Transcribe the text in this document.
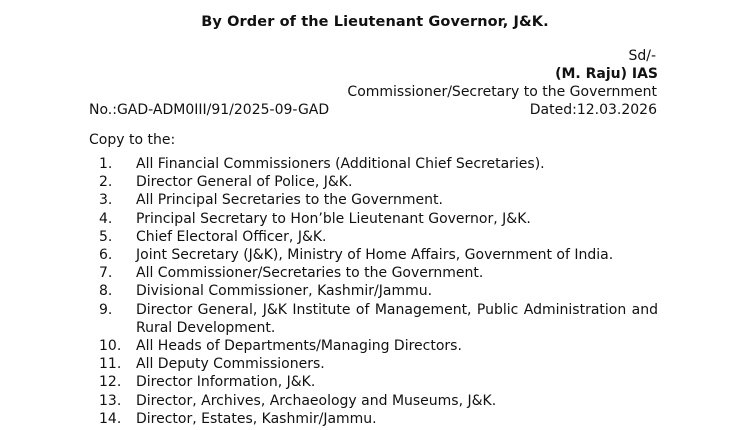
By Order of the Lieutenant Governor, J&K.
Sd/-
(M. Raju) IAS
Commissioner/Secretary to the Government
No.:GAD-ADM0III/91/2025-09-GAD	Dated:12.03.2026
Copy to the:
1.	All Financial Commissioners (Additional Chief Secretaries).
2.	Director General of Police, J&K.
3.	All Principal Secretaries to the Government.
4.	Principal Secretary to Hon’ble Lieutenant Governor, J&K.
5.	Chief Electoral Officer, J&K.
6.	Joint Secretary (J&K), Ministry of Home Affairs, Government of India.
7.	All Commissioner/Secretaries to the Government.
8.	Divisional Commissioner, Kashmir/Jammu.
9.	Director General, J&K Institute of Management, Public Administration and Rural Development.
10.	All Heads of Departments/Managing Directors.
11.	All Deputy Commissioners.
12.	Director Information, J&K.
13.	Director, Archives, Archaeology and Museums, J&K.
14.	Director, Estates, Kashmir/Jammu.
